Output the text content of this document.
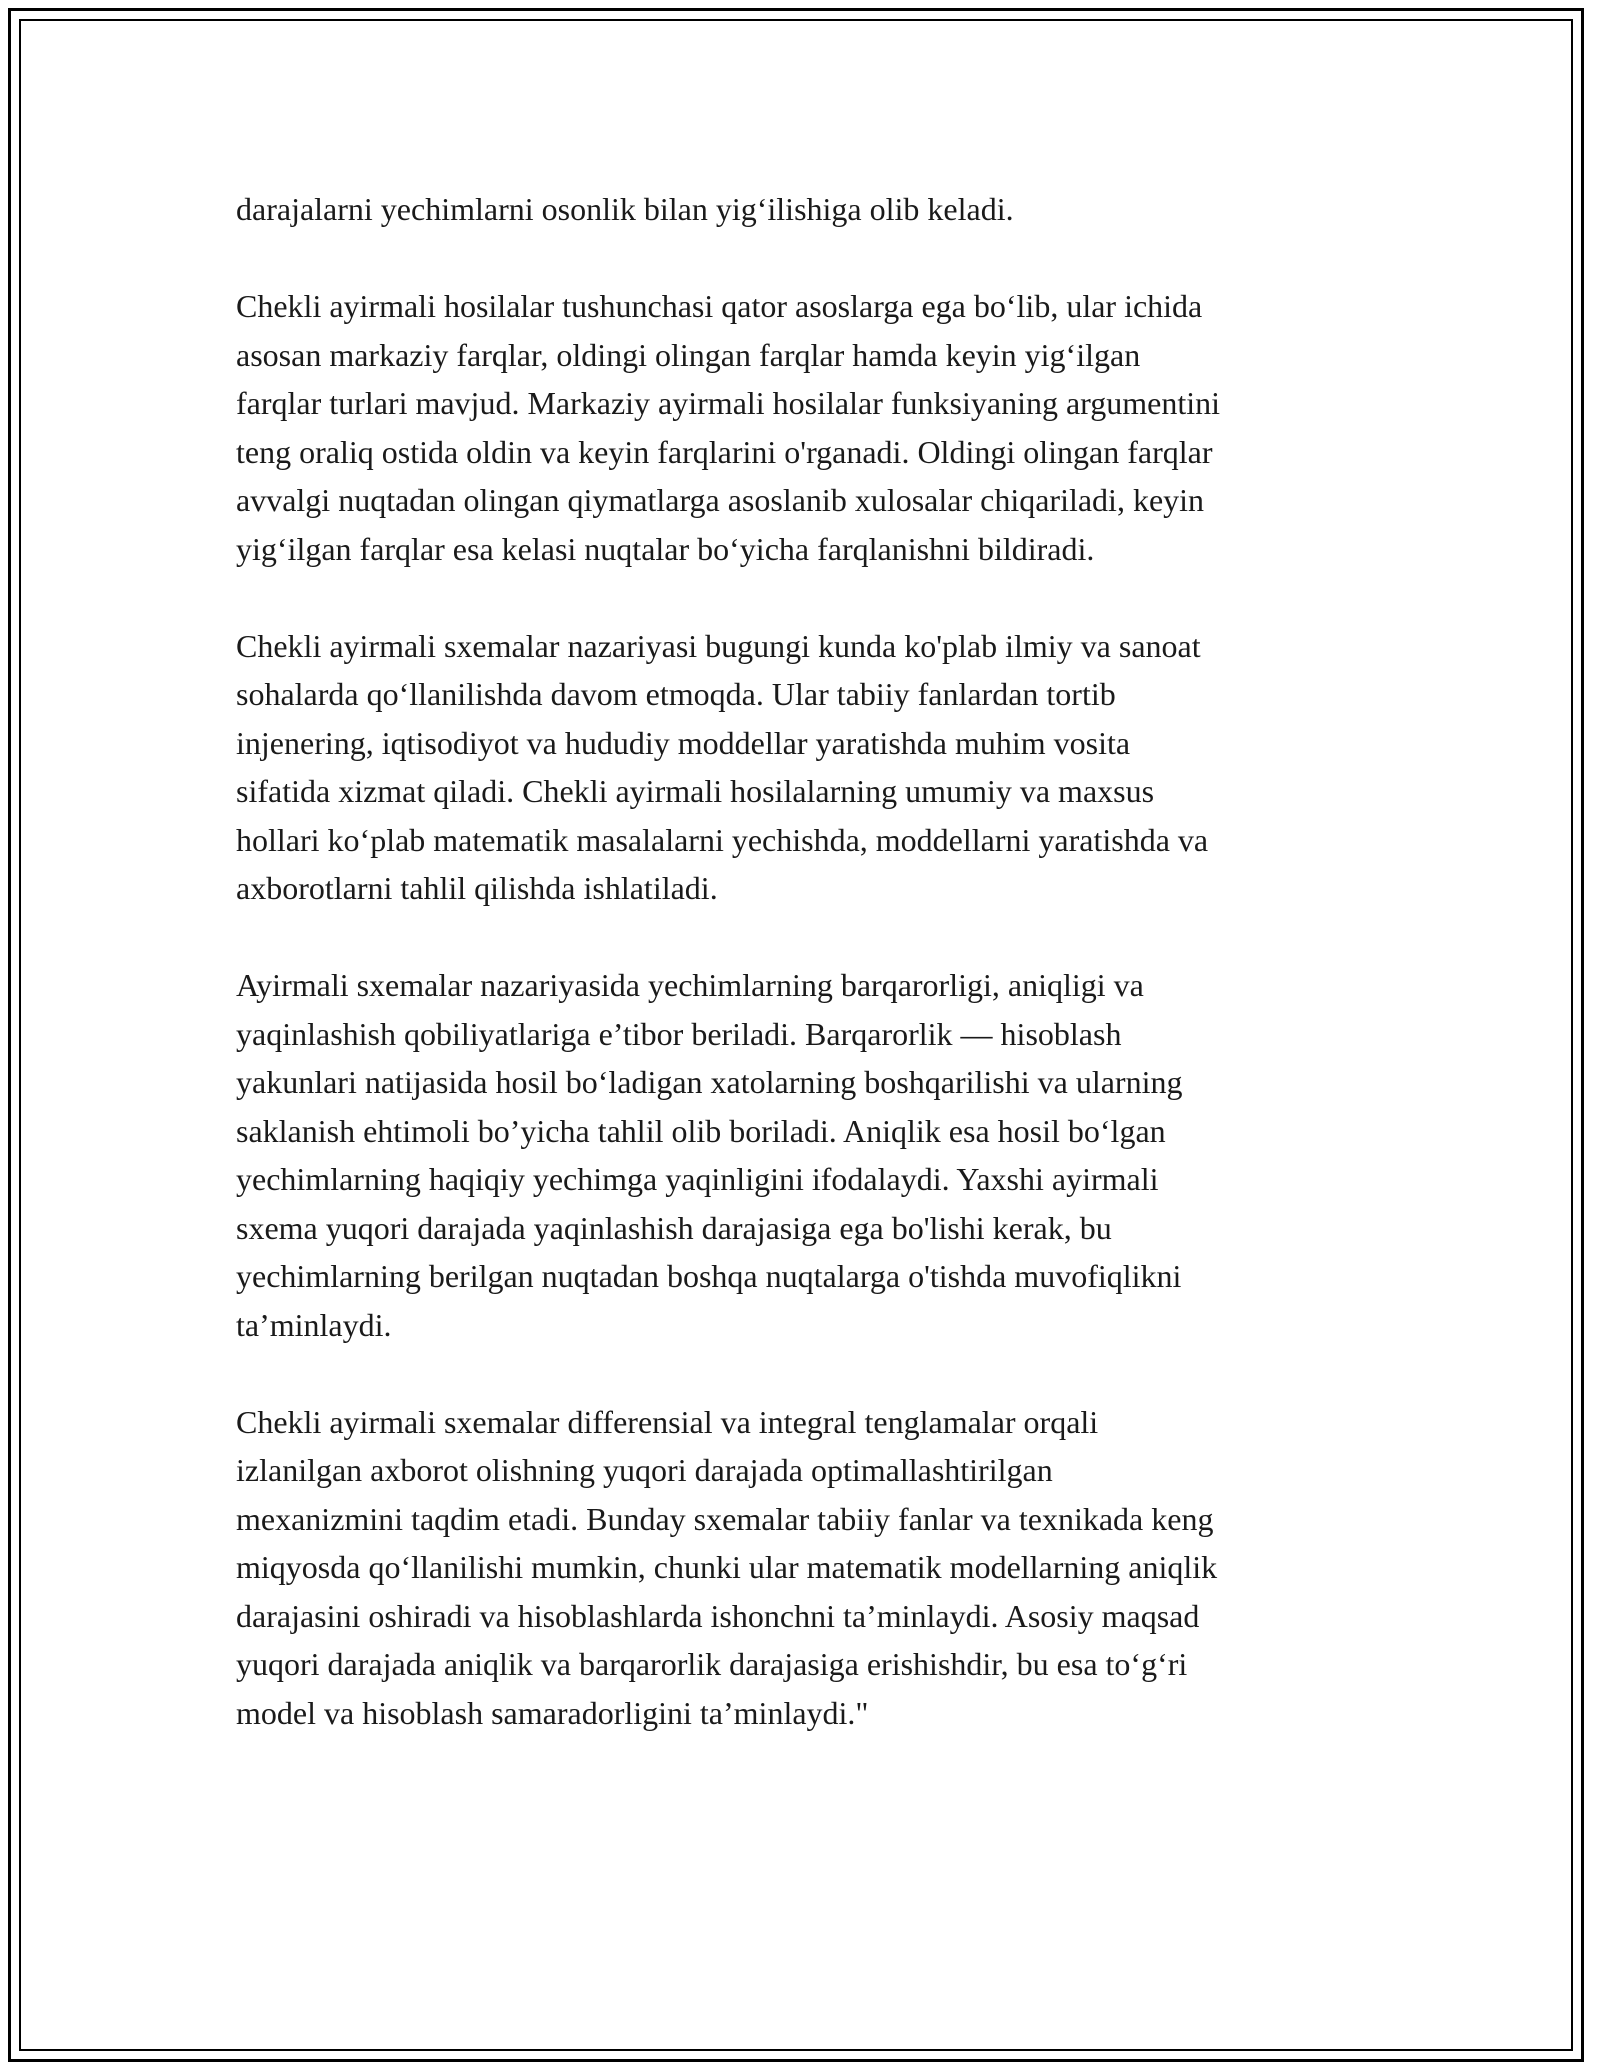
darajalarni yechimlarni osonlik bilan yig‘ilishiga olib keladi.

Chekli ayirmali hosilalar tushunchasi qator asoslarga ega bo‘lib, ular ichida
asosan markaziy farqlar, oldingi olingan farqlar hamda keyin yig‘ilgan
farqlar turlari mavjud. Markaziy ayirmali hosilalar funksiyaning argumentini
teng oraliq ostida oldin va keyin farqlarini o'rganadi. Oldingi olingan farqlar
avvalgi nuqtadan olingan qiymatlarga asoslanib xulosalar chiqariladi, keyin
yig‘ilgan farqlar esa kelasi nuqtalar bo‘yicha farqlanishni bildiradi.

Chekli ayirmali sxemalar nazariyasi bugungi kunda ko'plab ilmiy va sanoat
sohalarda qo‘llanilishda davom etmoqda. Ular tabiiy fanlardan tortib
injenering, iqtisodiyot va hududiy moddellar yaratishda muhim vosita
sifatida xizmat qiladi. Chekli ayirmali hosilalarning umumiy va maxsus
hollari ko‘plab matematik masalalarni yechishda, moddellarni yaratishda va
axborotlarni tahlil qilishda ishlatiladi.

Ayirmali sxemalar nazariyasida yechimlarning barqarorligi, aniqligi va
yaqinlashish qobiliyatlariga e’tibor beriladi. Barqarorlik — hisoblash
yakunlari natijasida hosil bo‘ladigan xatolarning boshqarilishi va ularning
saklanish ehtimoli bo’yicha tahlil olib boriladi. Aniqlik esa hosil bo‘lgan
yechimlarning haqiqiy yechimga yaqinligini ifodalaydi. Yaxshi ayirmali
sxema yuqori darajada yaqinlashish darajasiga ega bo'lishi kerak, bu
yechimlarning berilgan nuqtadan boshqa nuqtalarga o'tishda muvofiqlikni
ta’minlaydi.

Chekli ayirmali sxemalar differensial va integral tenglamalar orqali
izlanilgan axborot olishning yuqori darajada optimallashtirilgan
mexanizmini taqdim etadi. Bunday sxemalar tabiiy fanlar va texnikada keng
miqyosda qo‘llanilishi mumkin, chunki ular matematik modellarning aniqlik
darajasini oshiradi va hisoblashlarda ishonchni ta’minlaydi. Asosiy maqsad
yuqori darajada aniqlik va barqarorlik darajasiga erishishdir, bu esa to‘g‘ri
model va hisoblash samaradorligini ta’minlaydi."
